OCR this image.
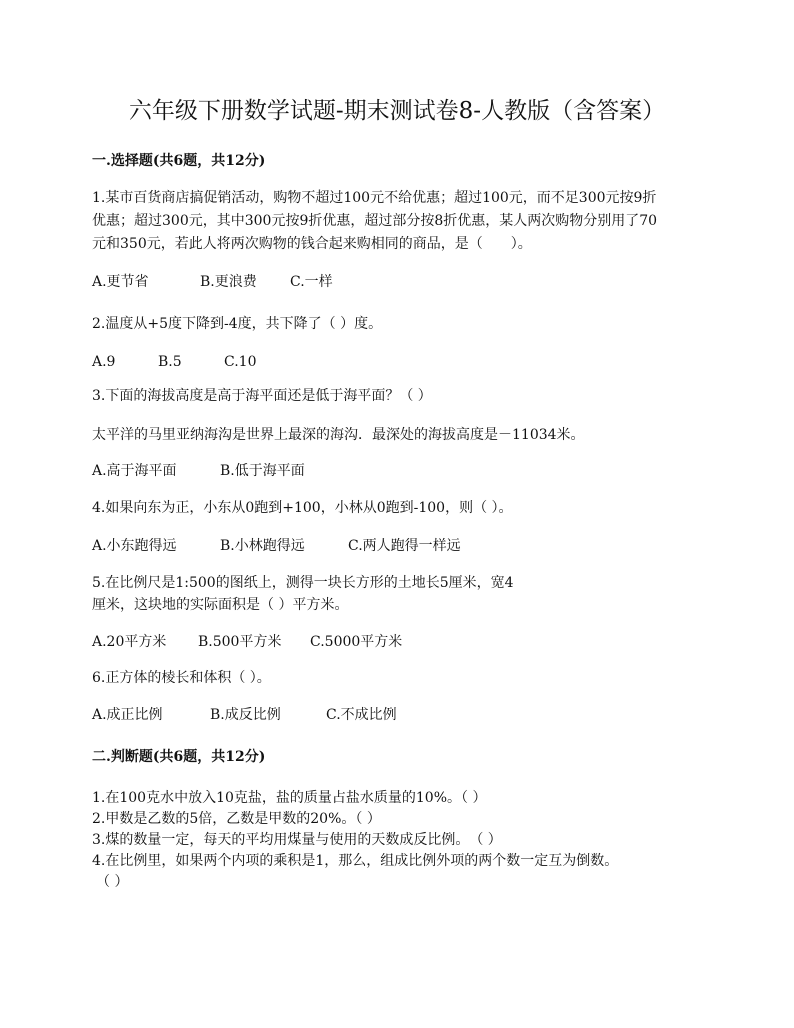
六年级下册数学试题-期末测试卷8-人教版（含答案）
一.选择题(共6题，共12分)
1.某市百货商店搞促销活动，购物不超过100元不给优惠；超过100元，而不足300元按9折
优惠；超过300元，其中300元按9折优惠，超过部分按8折优惠，某人两次购物分别用了70
元和350元，若此人将两次购物的钱合起来购相同的商品，是（　　）。
A.更节省	B.更浪费 C.一样
2.温度从+5度下降到-4度，共下降了（ ）度。
A.9	B.5	C.10
3.下面的海拔高度是高于海平面还是低于海平面？（ ）
太平洋的马里亚纳海沟是世界上最深的海沟．最深处的海拔高度是－11034米。
A.高于海平面	B.低于海平面
4.如果向东为正，小东从0跑到+100，小林从0跑到-100，则（ ）。
A.小东跑得远	B.小林跑得远	C.两人跑得一样远
5.在比例尺是1:500的图纸上，测得一块长方形的土地长5厘米，宽4
厘米，这块地的实际面积是（ ）平方米。
A.20平方米 B.500平方米 C.5000平方米
6.正方体的棱长和体积（ ）。
A.成正比例	B.成反比例	C.不成比例
二.判断题(共6题，共12分)
1.在100克水中放入10克盐，盐的质量占盐水质量的10%。（ ）
2.甲数是乙数的5倍，乙数是甲数的20%。（ ）
3.煤的数量一定，每天的平均用煤量与使用的天数成反比例。　（ ）
4.在比例里，如果两个内项的乘积是1，那么，组成比例外项的两个数一定互为倒数。
（ ）
